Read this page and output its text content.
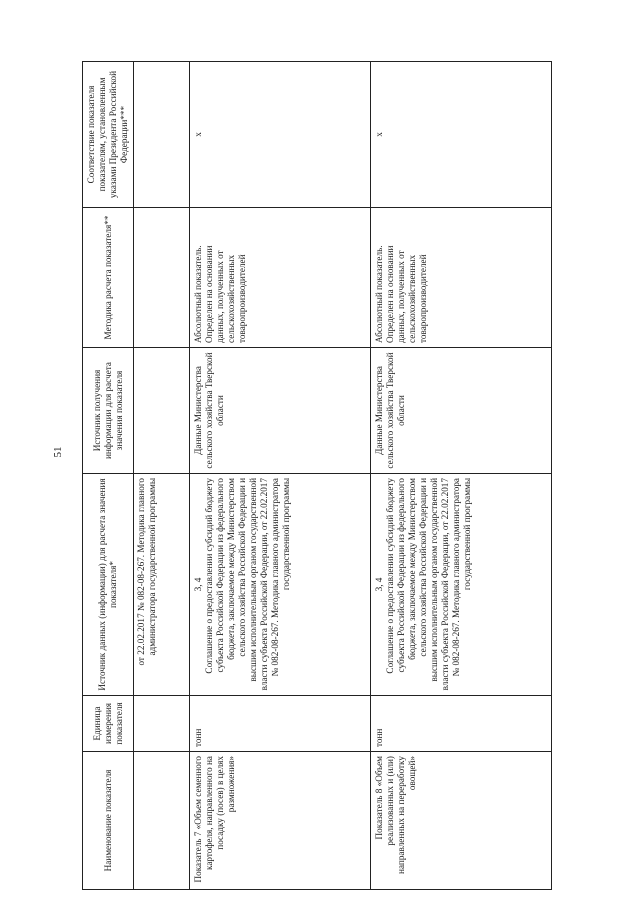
51
Наименование показателя	Единица измерения показателя	Источник данных (информации) для расчета значения показателя*	Источник получения информации для расчета значения показателя	Методика расчета показателя**	Соответствие показателя показателям, установленным указами Президента Российской Федерации***
		от 22.02.2017 № 082-08-267. Методика главного администратора государственной программы			
Показатель 7 «Объем семенного картофеля, направленного на посадку (посев) в целях размножения»	тонн	3, 4 Соглашение о предоставлении субсидий бюджету субъекта Российской Федерации из федерального бюджета, заключаемое между Министерством сельского хозяйства Российской Федерации и высшим исполнительным органом государственной власти субъекта Российской Федерации, от 22.02.2017 № 082-08-267. Методика главного администратора государственной программы	Данные Министерства сельского хозяйства Тверской области	Абсолютный показатель. Определен на основании данных, полученных от сельскохозяйственных товаропроизводителей	x
Показатель 8 «Объем реализованных и (или) направленных на переработку овощей»	тонн	3, 4 Соглашение о предоставлении субсидий бюджету субъекта Российской Федерации из федерального бюджета, заключаемое между Министерством сельского хозяйства Российской Федерации и высшим исполнительным органом государственной власти субъекта Российской Федерации, от 22.02.2017 № 082-08-267. Методика главного администратора государственной программы	Данные Министерства сельского хозяйства Тверской области	Абсолютный показатель. Определен на основании данных, полученных от сельскохозяйственных товаропроизводителей	x
